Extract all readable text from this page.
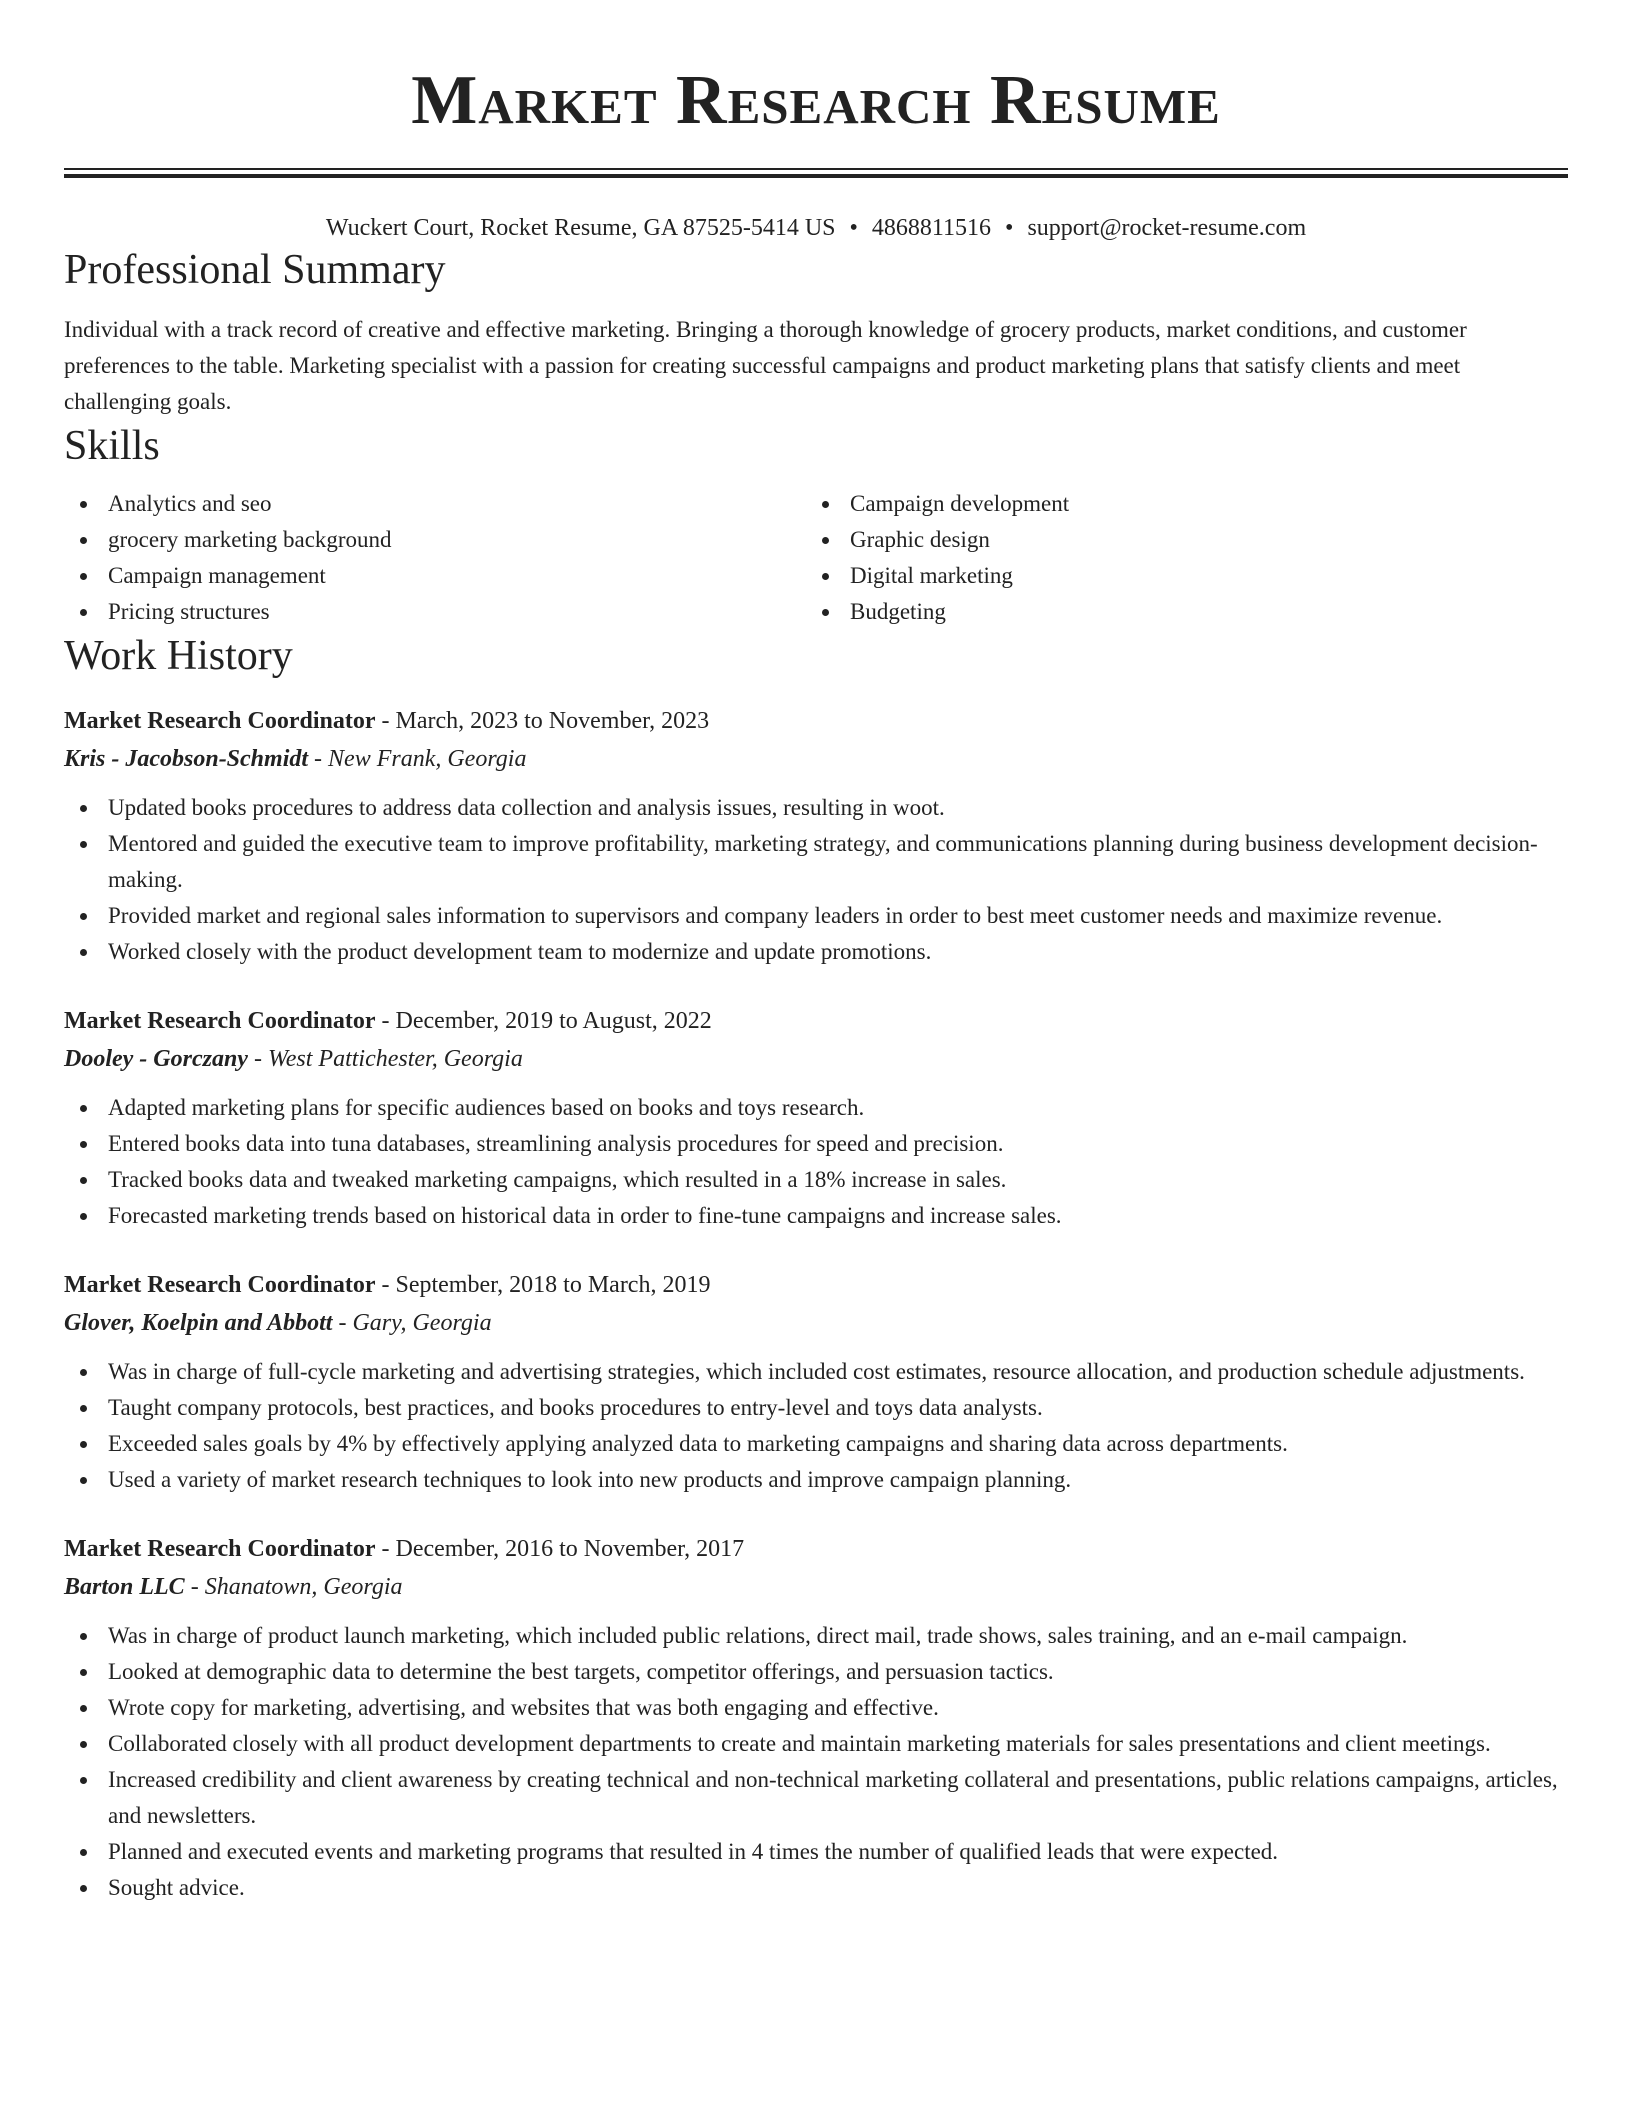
Market Research Resume
Wuckert Court, Rocket Resume, GA 87525-5414 US • 4868811516 • support@rocket-resume.com
Professional Summary
Individual with a track record of creative and effective marketing. Bringing a thorough knowledge of grocery products, market conditions, and customer preferences to the table. Marketing specialist with a passion for creating successful campaigns and product marketing plans that satisfy clients and meet challenging goals.
Skills
Analytics and seo
grocery marketing background
Campaign management
Pricing structures
Campaign development
Graphic design
Digital marketing
Budgeting
Work History
Market Research Coordinator - March, 2023 to November, 2023
Kris - Jacobson-Schmidt - New Frank, Georgia
Updated books procedures to address data collection and analysis issues, resulting in woot.
Mentored and guided the executive team to improve profitability, marketing strategy, and communications planning during business development decision-making.
Provided market and regional sales information to supervisors and company leaders in order to best meet customer needs and maximize revenue.
Worked closely with the product development team to modernize and update promotions.
Market Research Coordinator - December, 2019 to August, 2022
Dooley - Gorczany - West Pattichester, Georgia
Adapted marketing plans for specific audiences based on books and toys research.
Entered books data into tuna databases, streamlining analysis procedures for speed and precision.
Tracked books data and tweaked marketing campaigns, which resulted in a 18% increase in sales.
Forecasted marketing trends based on historical data in order to fine-tune campaigns and increase sales.
Market Research Coordinator - September, 2018 to March, 2019
Glover, Koelpin and Abbott - Gary, Georgia
Was in charge of full-cycle marketing and advertising strategies, which included cost estimates, resource allocation, and production schedule adjustments.
Taught company protocols, best practices, and books procedures to entry-level and toys data analysts.
Exceeded sales goals by 4% by effectively applying analyzed data to marketing campaigns and sharing data across departments.
Used a variety of market research techniques to look into new products and improve campaign planning.
Market Research Coordinator - December, 2016 to November, 2017
Barton LLC - Shanatown, Georgia
Was in charge of product launch marketing, which included public relations, direct mail, trade shows, sales training, and an e-mail campaign.
Looked at demographic data to determine the best targets, competitor offerings, and persuasion tactics.
Wrote copy for marketing, advertising, and websites that was both engaging and effective.
Collaborated closely with all product development departments to create and maintain marketing materials for sales presentations and client meetings.
Increased credibility and client awareness by creating technical and non-technical marketing collateral and presentations, public relations campaigns, articles, and newsletters.
Planned and executed events and marketing programs that resulted in 4 times the number of qualified leads that were expected.
Sought advice.
